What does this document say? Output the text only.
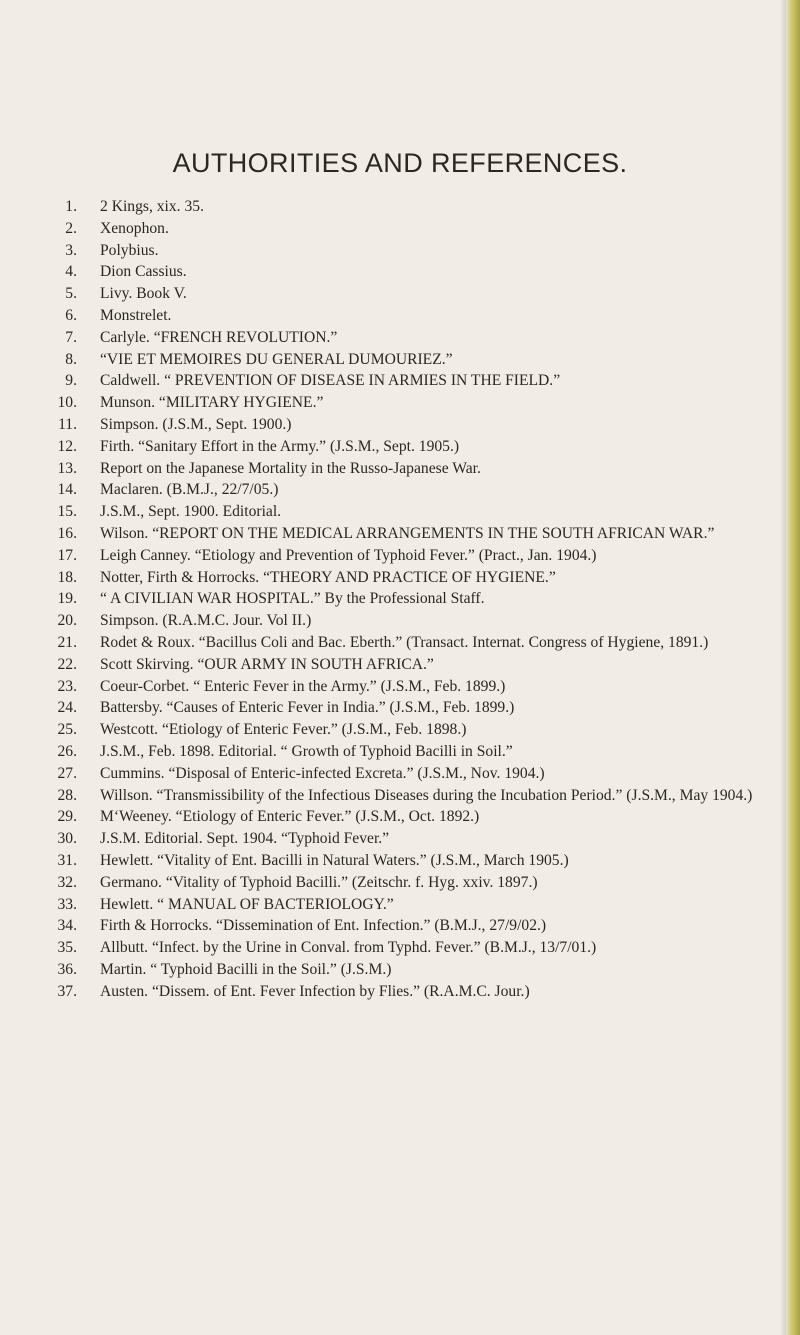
AUTHORITIES AND REFERENCES.
1. 2 Kings, xix. 35.
2. Xenophon.
3. Polybius.
4. Dion Cassius.
5. Livy. Book V.
6. Monstrelet.
7. Carlyle. “FRENCH REVOLUTION.”
8. “VIE ET MEMOIRES DU GENERAL DUMOURIEZ.”
9. Caldwell. “ PREVENTION OF DISEASE IN ARMIES IN THE FIELD.”
10. Munson. “MILITARY HYGIENE.”
11. Simpson. (J.S.M., Sept. 1900.)
12. Firth. “Sanitary Effort in the Army.” (J.S.M., Sept. 1905.)
13. Report on the Japanese Mortality in the Russo-Japanese War.
14. Maclaren. (B.M.J., 22/7/05.)
15. J.S.M., Sept. 1900. Editorial.
16. Wilson. “REPORT ON THE MEDICAL ARRANGEMENTS IN THE SOUTH AFRICAN WAR.”
17. Leigh Canney. “Etiology and Prevention of Typhoid Fever.” (Pract., Jan. 1904.)
18. Notter, Firth & Horrocks. “THEORY AND PRACTICE OF HYGIENE.”
19. “ A CIVILIAN WAR HOSPITAL.” By the Professional Staff.
20. Simpson. (R.A.M.C. Jour. Vol II.)
21. Rodet & Roux. “Bacillus Coli and Bac. Eberth.” (Transact. Internat. Congress of Hygiene, 1891.)
22. Scott Skirving. “OUR ARMY IN SOUTH AFRICA.”
23. Coeur-Corbet. “ Enteric Fever in the Army.” (J.S.M., Feb. 1899.)
24. Battersby. “Causes of Enteric Fever in India.” (J.S.M., Feb. 1899.)
25. Westcott. “Etiology of Enteric Fever.” (J.S.M., Feb. 1898.)
26. J.S.M., Feb. 1898. Editorial. “ Growth of Typhoid Bacilli in Soil.”
27. Cummins. “Disposal of Enteric-infected Excreta.” (J.S.M., Nov. 1904.)
28. Willson. “Transmissibility of the Infectious Diseases during the Incubation Period.” (J.S.M., May 1904.)
29. M‘Weeney. “Etiology of Enteric Fever.” (J.S.M., Oct. 1892.)
30. J.S.M. Editorial. Sept. 1904. “Typhoid Fever.”
31. Hewlett. “Vitality of Ent. Bacilli in Natural Waters.” (J.S.M., March 1905.)
32. Germano. “Vitality of Typhoid Bacilli.” (Zeitschr. f. Hyg. xxiv. 1897.)
33. Hewlett. “ MANUAL OF BACTERIOLOGY.”
34. Firth & Horrocks. “Dissemination of Ent. Infection.” (B.M.J., 27/9/02.)
35. Allbutt. “Infect. by the Urine in Conval. from Typhd. Fever.” (B.M.J., 13/7/01.)
36. Martin. “ Typhoid Bacilli in the Soil.” (J.S.M.)
37. Austen. “Dissem. of Ent. Fever Infection by Flies.” (R.A.M.C. Jour.)
